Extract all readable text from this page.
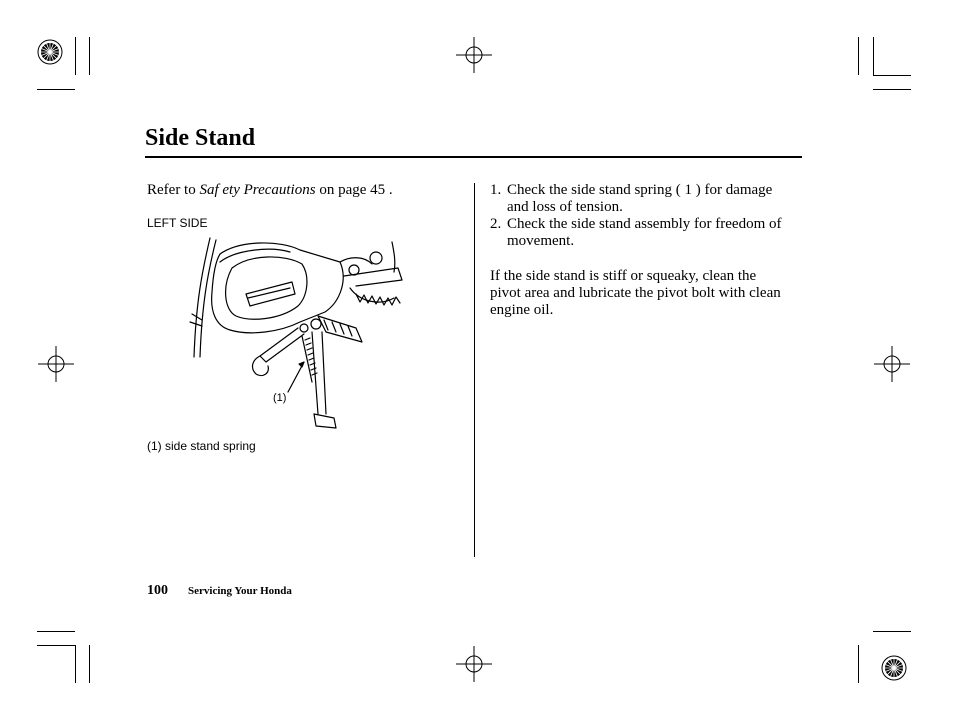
Side Stand
Refer to Saf ety Precautions on page 45 .
LEFT SIDE
(1)
(1) side stand spring
1. Check the side stand spring ( 1 ) for damage and loss of tension.
2. Check the side stand assembly for freedom of movement.
If the side stand is stiff or squeaky, clean the pivot area and lubricate the pivot bolt with clean engine oil.
100 Servicing Your Honda
